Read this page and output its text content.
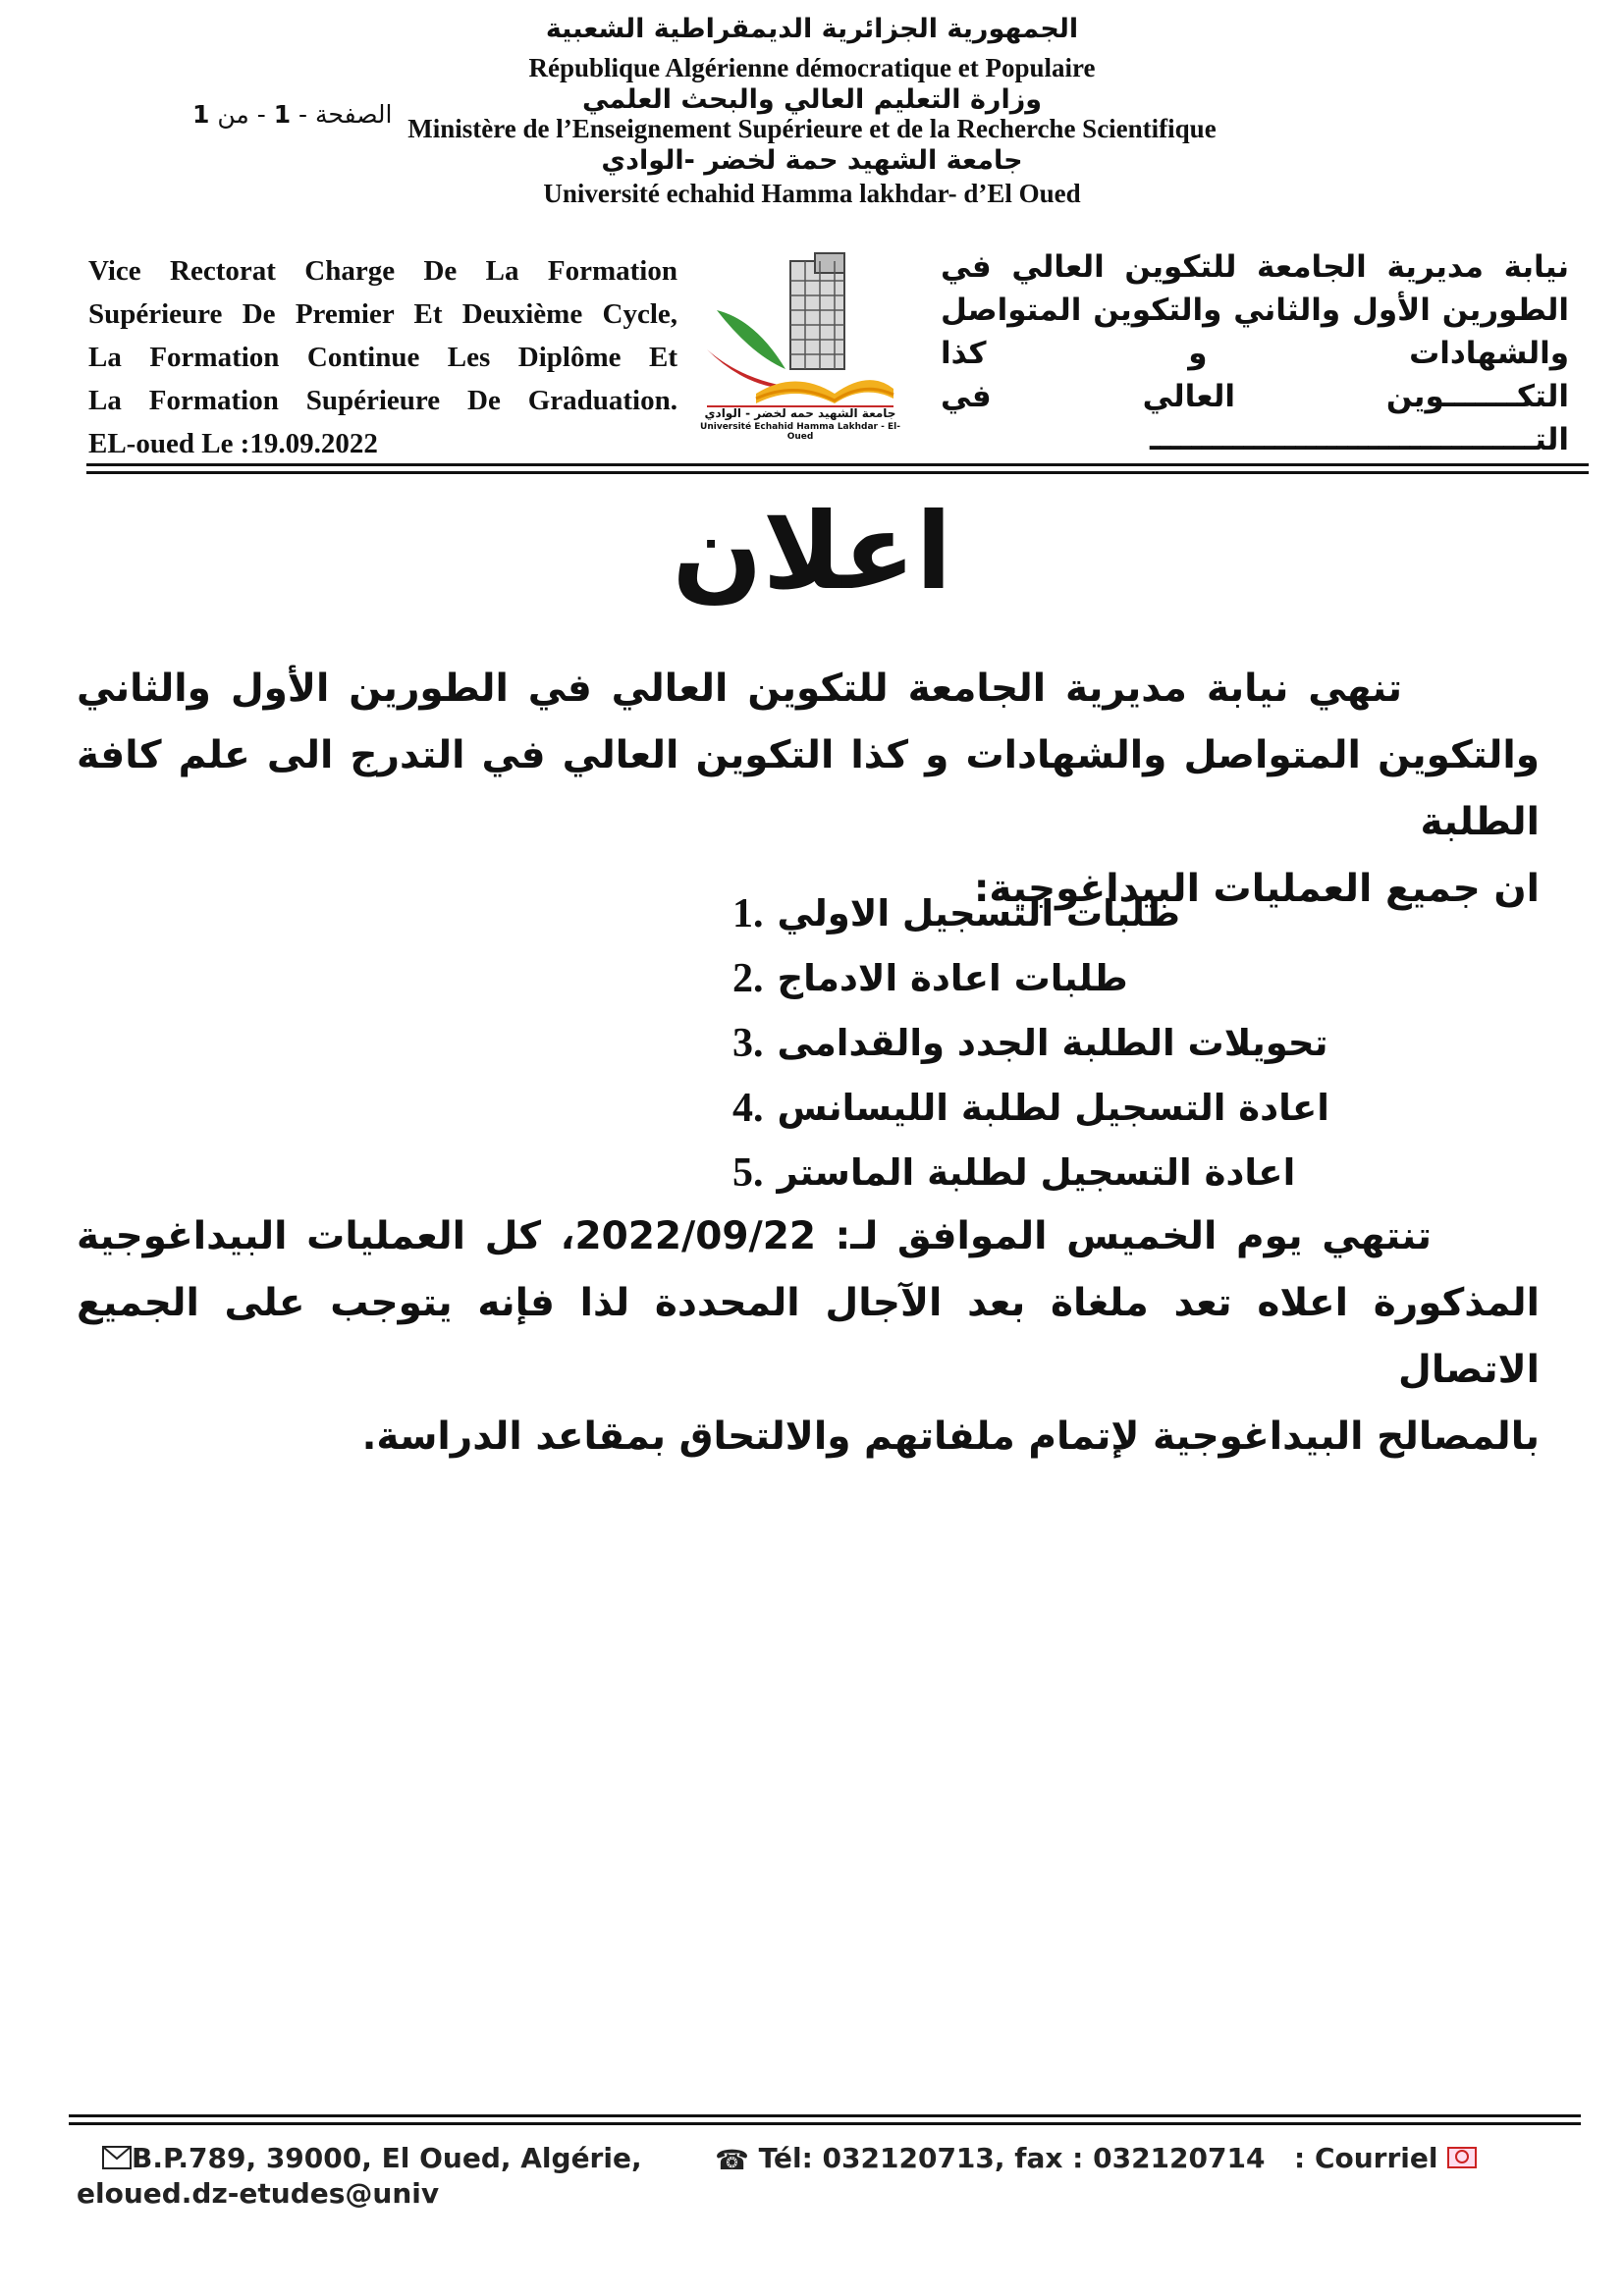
الجمهورية الجزائرية الديمقراطية الشعبية
République Algérienne démocratique et Populaire
وزارة التعليم العالي والبحث العلمي
Ministère de l’Enseignement Supérieure et de la Recherche Scientifique
جامعة الشهيد حمة لخضر -الوادي
Université echahid Hamma lakhdar- d’El Oued
الصفحة - 1 - من 1
Vice Rectorat Charge De La Formation
Supérieure De Premier Et Deuxième Cycle,
La Formation Continue Les Diplôme Et
La Formation Supérieure De Graduation.
EL-oued Le :19.09.2022
جامعة الشهيد حمه لخضر - الوادي
Université Echahid Hamma Lakhdar - El-Oued
نيابة مديرية الجامعة للتكوين العالي في
الطورين الأول والثاني والتكوين المتواصل
والشهادات و كذا
التكـــــــوين العالي في
التـــــــــــــــــــــــــــــــــــــ
اعلان
تنهي نيابة مديرية الجامعة للتكوين العالي في الطورين الأول والثاني
والتكوين المتواصل والشهادات و كذا التكوين العالي في التدرج الى علم كافة الطلبة
ان جميع العمليات البيداغوجية:
1. طلبات التسجيل الاولي
2. طلبات اعادة الادماج
3. تحويلات الطلبة الجدد والقدامى
4. اعادة التسجيل لطلبة الليسانس
5. اعادة التسجيل لطلبة الماستر
تنتهي يوم الخميس الموافق لـ: 2022/09/22، كل العمليات البيداغوجية
المذكورة اعلاه تعد ملغاة بعد الآجال المحددة لذا فإنه يتوجب على الجميع الاتصال
بالمصالح البيداغوجية لإتمام ملفاتهم والالتحاق بمقاعد الدراسة.
B.P.789, 39000, El Oued, Algérie,	☎ Tél: 032120713, fax : 032120714 : Courriel
eloued.dz-etudes@univ
